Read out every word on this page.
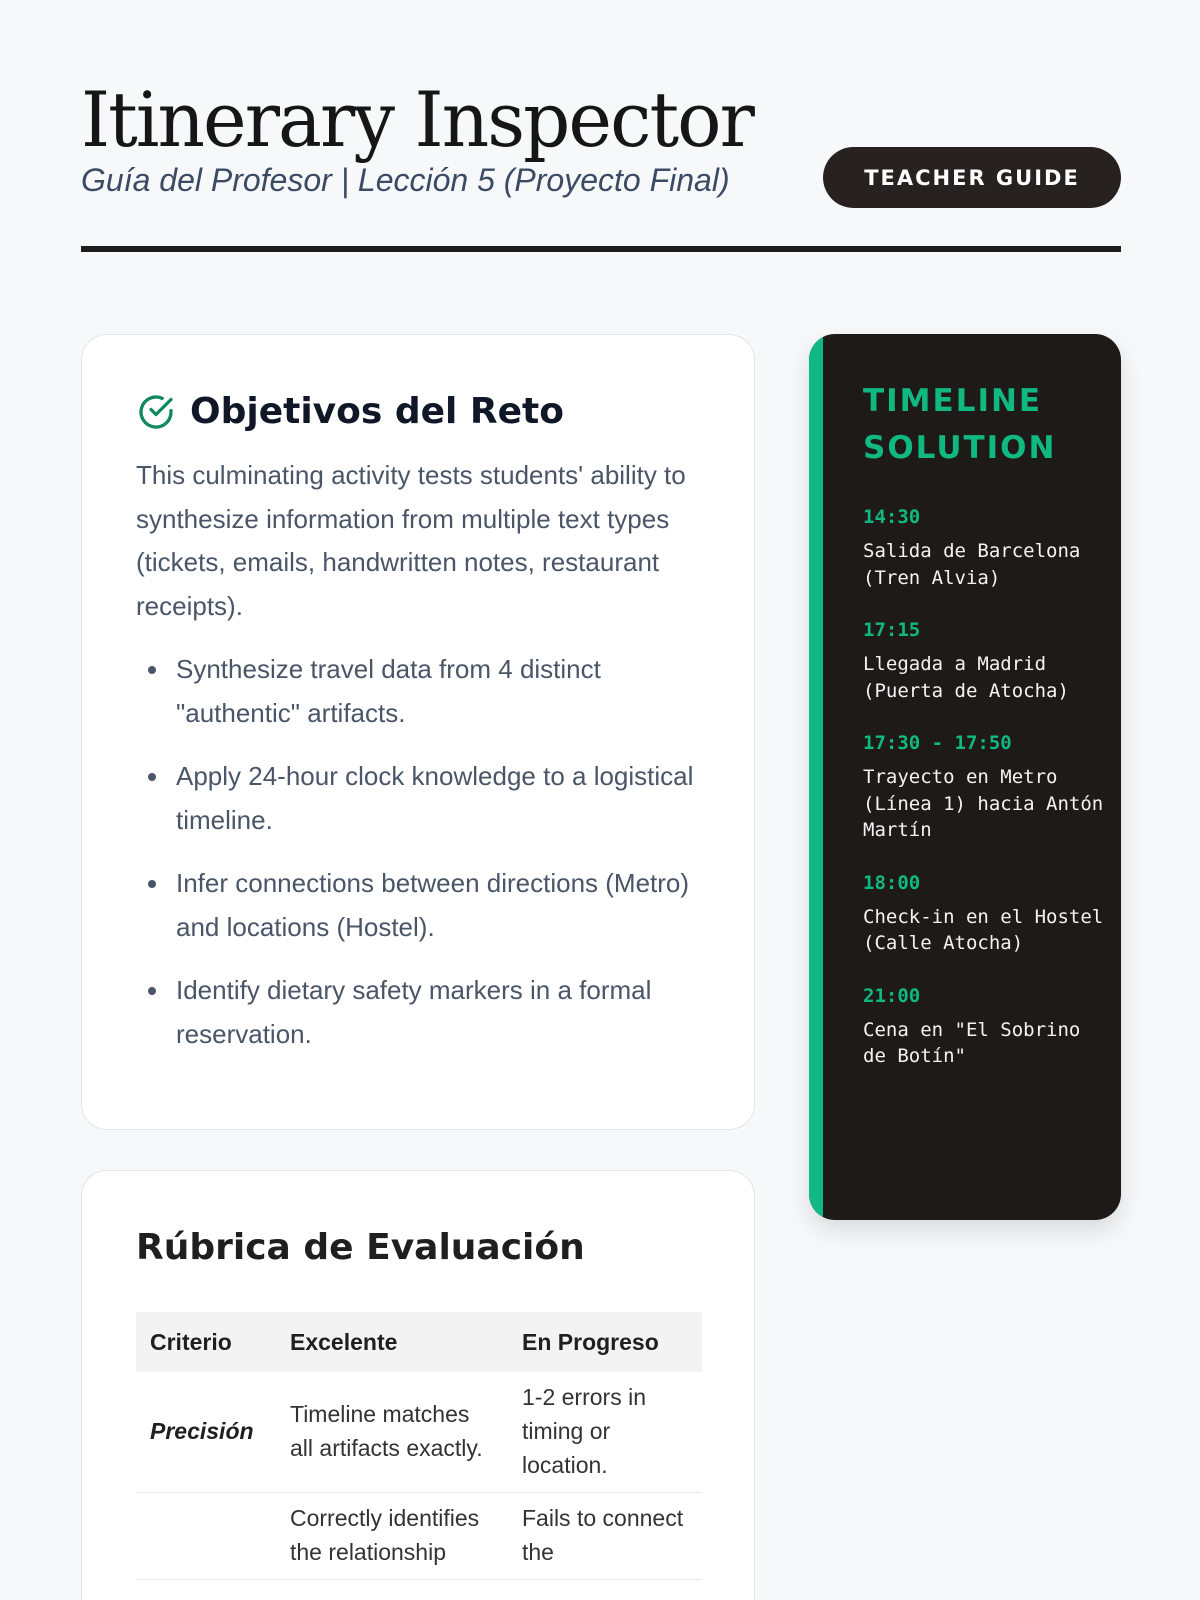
Itinerary Inspector
Guía del Profesor | Lección 5 (Proyecto Final)	TEACHER GUIDE
Objetivos del Reto

This culminating activity tests students' ability to synthesize information from multiple text types (tickets, emails, handwritten notes, restaurant receipts).

Synthesize travel data from 4 distinct "authentic" artifacts.
Apply 24-hour clock knowledge to a logistical timeline.
Infer connections between directions (Metro) and locations (Hostel).
Identify dietary safety markers in a formal reservation.
Rúbrica de Evaluación
Criterio	Excelente	En Progreso
Precisión	Timeline matches all artifacts exactly.	1-2 errors in timing or location.
	Correctly identifies the relationship	Fails to connect the
TIMELINE SOLUTION
14:30
Salida de Barcelona (Tren Alvia)
17:15
Llegada a Madrid (Puerta de Atocha)
17:30 - 17:50
Trayecto en Metro (Línea 1) hacia Antón Martín
18:00
Check-in en el Hostel (Calle Atocha)
21:00
Cena en "El Sobrino de Botín"
